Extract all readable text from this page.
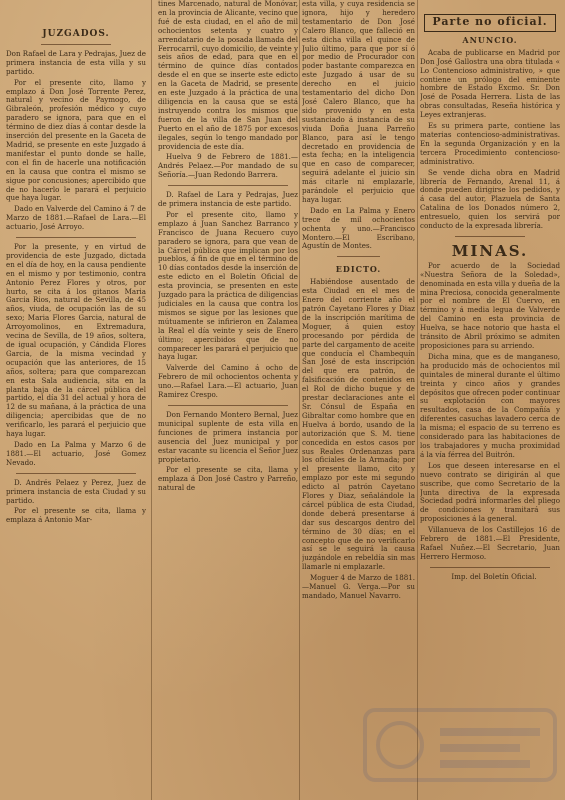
JUZGADOS.

Don Rafael de Lara y Pedrajas, Juez de primera instancia de esta villa y su partido.

Por el presente cito, llamo y emplazo á Don José Torrente Perez, natural y vecino de Paymogo, de Gibraleón, profesión médico y cuyo paradero se ignora, para que en el término de diez días á contar desde la inserción del presente en la Gaceta de Madrid, se presente en este Juzgado á manifestar el punto donde se halle, con el fin de hacerle una notificación en la causa que contra el mismo se sigue por concusiones; apercibido que de no hacerlo le parará el perjuicio que haya lugar.

Dado en Valverde del Camino á 7 de Marzo de 1881.—Rafael de Lara.—El actuario, José Arroyo.

Por la presente, y en virtud de providencia de este Juzgado, dictada en el día de hoy, en la causa pendiente en el mismo y por testimonio, contra Antonio Perez Flores y otros, por hurto, se cita á los gitanos Maria Garcia Rios, natural de Sevilla, de 45 años, viuda, de ocupación las de su sexo; Maria Flores Garcia, natural de Arroyomolinos, en Extremadura, vecina de Sevilla, de 19 años, soltera, de igual ocupación, y Cándida Flores Garcia, de la misma vecindad y ocupación que las anteriores, de 15 años, soltera; para que comparezcan en esta Sala audiencia, sita en la planta baja de la cárcel pública del partido, el día 31 del actual y hora de 12 de su mañana, á la práctica de una diligencia; apercibidas que de no verificarlo, les parará el perjuicio que haya lugar.

Dado en La Palma y Marzo 6 de 1881.—El actuario, José Gomez Nevado.

D. Andrés Pelaez y Perez, Juez de primera instancia de esta Ciudad y su partido.

Por el presente se cita, llama y emplaza á Antonio Mar-

tines Marcenado, natural de Monóvar, en la provincia de Alicante, vecino que fué de esta ciudad, en el año de mil ochocientos setenta y cuatro y arrendatario de la posada llamada del Ferrocarril, cuyo domicilio, de veinte y seis años de edad, para que en el término de quince días contados desde el en que se inserte este edicto en la Gaceta de Madrid, se presente en este Juzgado á la práctica de una diligencia en la causa que se está instruyendo contra los mismos que fueron de la villa de San Juan del Puerto en el año de 1875 por excesos ilegales, según lo tengo mandado por providencia de este día.

Huelva 9 de Febrero de 1881.—Andrés Pelaez.—Por mandado de su Señoría.—Juan Redondo Barrera.

D. Rafael de Lara y Pedrajas, Juez de primera instancia de este partido.

Por el presente cito, llamo y emplazo á Juan Sanchez Barranco y Francisco de Juana Recuero cuyo paradero se ignora, para que vean de la Cárcel pública que implican por los pueblos, á fin de que en el término de 10 días contados desde la inserción de este edicto en el Boletín Oficial de esta provincia, se presenten en este Juzgado para la práctica de diligencias judiciales en la causa que contra los mismos se sigue por las lesiones que mútuamente se infirieron en Zalamea la Real el día veinte y seis de Enero último; apercibidos que de no comparecer les parará el perjuicio que haya lugar.

Valverde del Camino á ocho de Febrero de mil ochocientos ochenta y uno.—Rafael Lara.—El actuario, Juan Ramirez Crespo.

Don Fernando Montero Bernal, Juez municipal suplente de esta villa en funciones de primera instancia por ausencia del Juez municipal y por estar vacante su licencia el Señor Juez propietario.

Por el presente se cita, llama y emplaza á Don José Castro y Parreño, natural de

esta villa, y cuya residencia se ignora, hijo y heredero testamentario de Don José Calero Blanco, que falleció en esta dicha villa el quince de Julio último, para que por sí ó por medio de Procurador con poder bastante comparezca en este Juzgado á usar de su derecho en el juicio testamentario del dicho Don José Calero Blanco, que ha sido provenido y en esta sustanciado á instancia de su viuda Doña Juana Parreño Blanco, para así le tengo decretado en providencia de esta fecha; en la inteligencia que en caso de comparecer, seguirá adelante el juicio sin más citarle ni emplazarle, parándole el perjuicio que haya lugar.

Dado en La Palma y Enero trece de mil ochocientos ochenta y uno.—Francisco Montero.—El Escribano, Agustín de Montes.

EDICTO.

Habiéndose ausentado de esta Ciudad en el mes de Enero del corriente año el patrón Cayetano Flores y Diaz de la inscripción marítima de Moguer, á quien estoy procesando por pérdida de parte del cargamento de aceite que conducía el Chambequín San José de esta inscripción del que era patrón, de falsificación de contenidos en el Rol de dicho buque y de prestar declaraciones ante el Sr. Cónsul de España en Gibraltar como hombre que en Huelva á bordo, usando de la autorización que S. M. tiene concedida en estos casos por sus Reales Ordenanzas para los oficiales de la Armada; por el presente llamo, cito y emplazo por este mi segundo edicto al patrón Cayetano Flores y Diaz, señalándole la cárcel pública de esta Ciudad, donde deberá presentarse á dar sus descargos dentro del término de 30 días; en el concepto que de no verificarlo así se le seguirá la causa juzgándole en rebeldía sin mas llamarle ni emplazarle.

Moguer 4 de Marzo de 1881.—Manuel G. Verga.—Por su mandado, Manuel Navarro.

Parte no oficial.
ANUNCIO.

Acaba de publicarse en Madrid por Don José Gallostra una obra titulada « Lo Contencioso administrativo, » que contiene un prólogo del eminente hombre de Estado Excmo. Sr. Don José de Posada Herrera. Lista de las obras consultadas, Reseña histórica y Leyes extranjeras.

Es su primera parte, contiene las materias contencioso-administrativas. En la segunda Organización y en la tercera Procedimiento contencioso-administrativo.

Se vende dicha obra en Madrid librería de Fernando, Arenal 11, á donde pueden dirigirse los pedidos, y á casa del autor, Plazuela de Santa Catalina de los Donados número 2, entresuelo, quien los servirá por conducto de la expresada librería.

MINAS.

Por acuerdo de la Sociedad «Nuestra Señora de la Soledad», denominada en esta villa y dueña de la mina Preciosa, conocida generalmente por el nombre de El Cuervo, en término y á media legua de Valverde del Camino en esta provincia de Huelva, se hace notorio que hasta el tránsito de Abril próximo se admiten proposiciones para su arriendo.

Dicha mina, que es de manganeso, ha producido más de ochocientos mil quintales de mineral durante el último treinta y cinco años y grandes depósitos que ofrecen poder continuar su explotación con mayores resultados, casa de la Compañía y diferentes casuchas lavadero cerca de la misma; el espacio de su terreno es considerado para las habitaciones de los trabajadores y mucha proximidad á la vía férrea del Buitrón.

Los que deseen interesarse en el nuevo contrato se dirigirán al que suscribe, que como Secretario de la Junta directiva de la expresada Sociedad podrá informarles del pliego de condiciones y tramitará sus proposiciones á la general.

Villanueva de los Castillejos 16 de Febrero de 1881.—El Presidente, Rafael Nuñez.—El Secretario, Juan Herrero Hermoso.

Imp. del Boletín Oficial.
